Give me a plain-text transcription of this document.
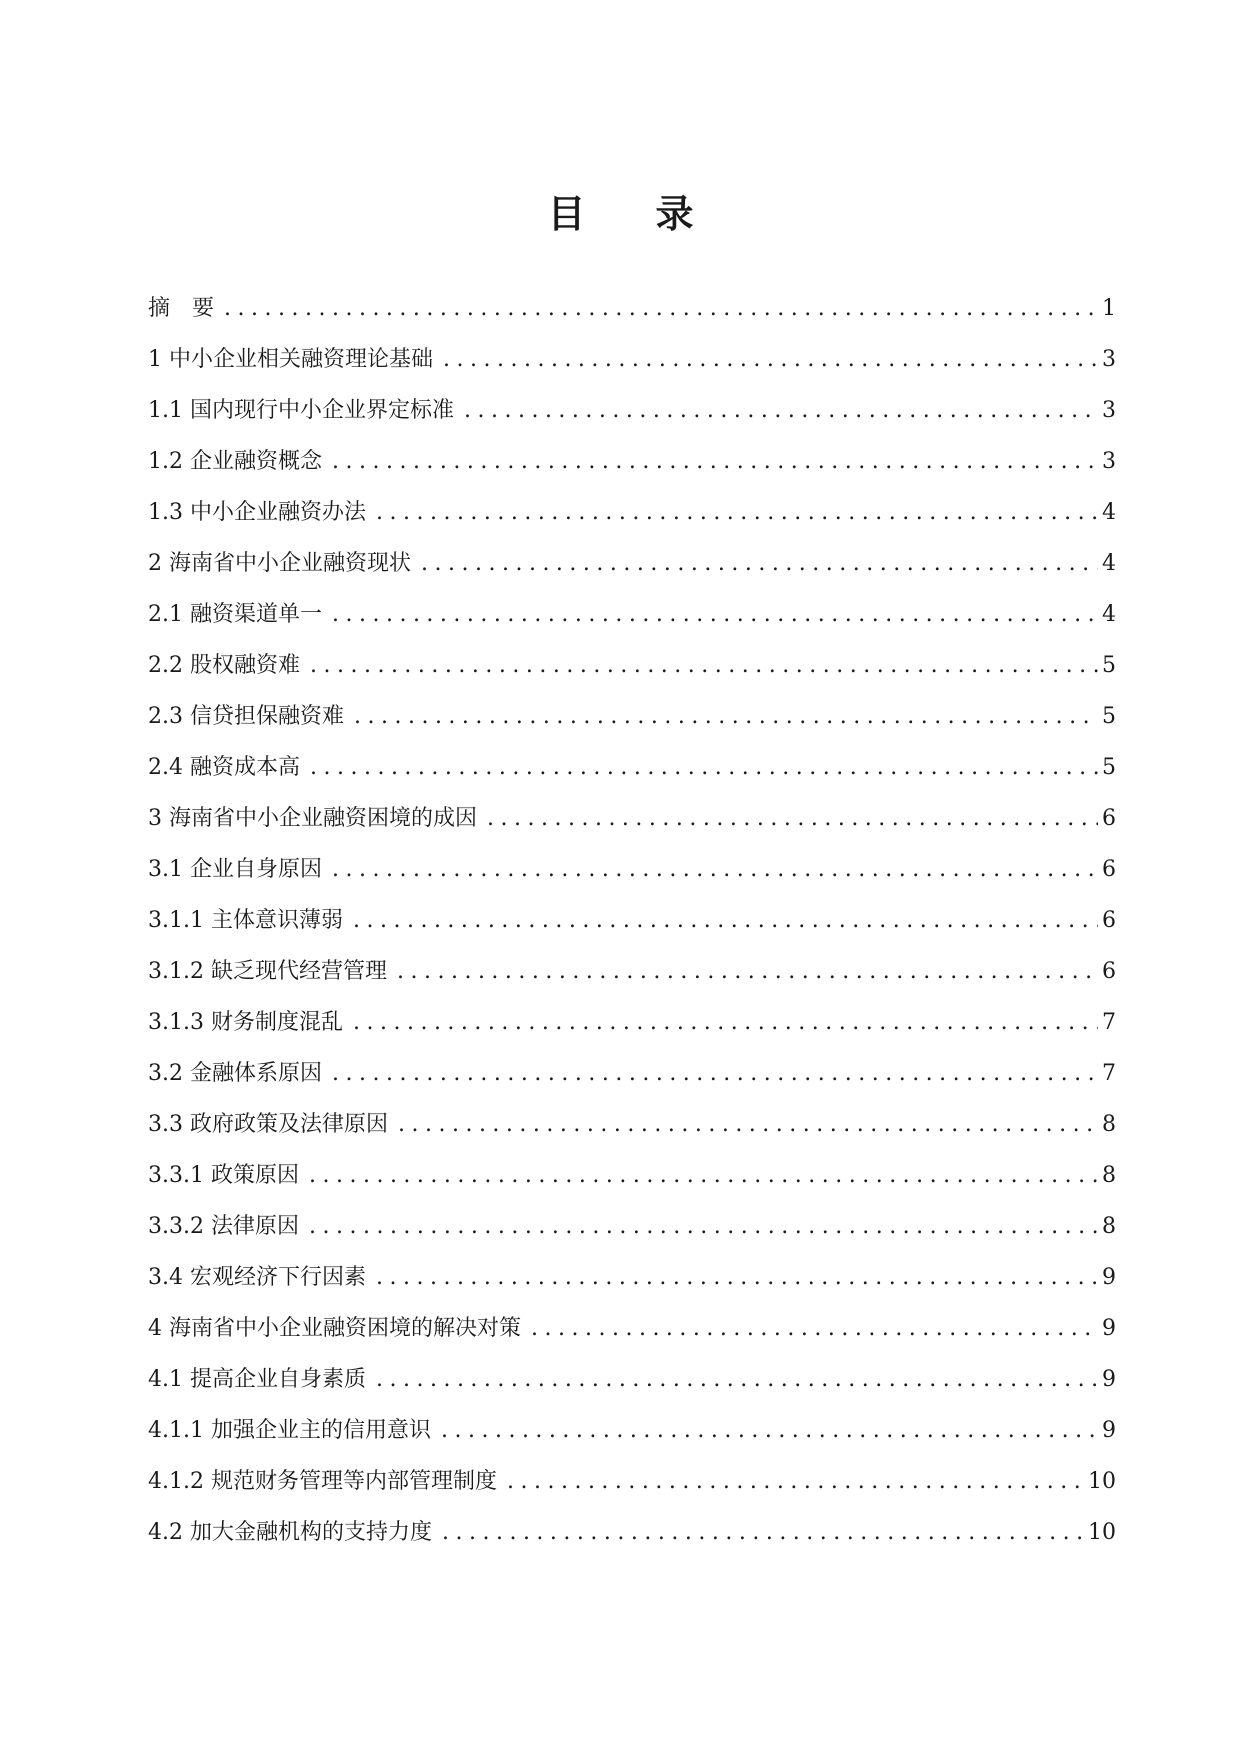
目 录
摘　要 .....	1
1 中小企业相关融资理论基础 .....	3
1.1 国内现行中小企业界定标准 .....	3
1.2 企业融资概念 .....	3
1.3 中小企业融资办法 .....	4
2 海南省中小企业融资现状 .....	4
2.1 融资渠道单一 .....	4
2.2 股权融资难 .....	5
2.3 信贷担保融资难 .....	5
2.4 融资成本高 .....	5
3 海南省中小企业融资困境的成因 .....	6
3.1 企业自身原因 .....	6
3.1.1 主体意识薄弱 .....	6
3.1.2 缺乏现代经营管理 .....	6
3.1.3 财务制度混乱 .....	7
3.2 金融体系原因 .....	7
3.3 政府政策及法律原因 .....	8
3.3.1 政策原因 .....	8
3.3.2 法律原因 .....	8
3.4 宏观经济下行因素 .....	9
4 海南省中小企业融资困境的解决对策 .....	9
4.1 提高企业自身素质 .....	9
4.1.1 加强企业主的信用意识 .....	9
4.1.2 规范财务管理等内部管理制度 .....	10
4.2 加大金融机构的支持力度 .....	10
